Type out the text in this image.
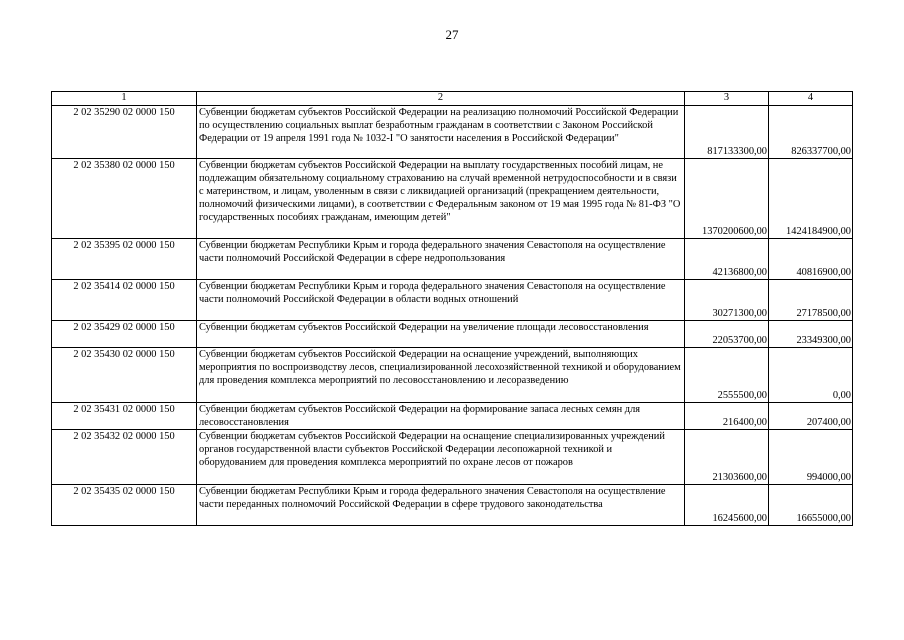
27
1	2	3	4
2 02 35290 02 0000 150	Субвенции бюджетам субъектов Российской Федерации на реализацию полномочий Российской Федерации по осуществлению социальных выплат безработным гражданам в соответствии с Законом Российской Федерации от 19 апреля 1991 года № 1032-I "О занятости населения в Российской Федерации"	817133300,00	826337700,00
2 02 35380 02 0000 150	Субвенции бюджетам субъектов Российской Федерации на выплату государственных пособий лицам, не подлежащим обязательному социальному страхованию на случай временной нетрудоспособности и в связи с материнством, и лицам, уволенным в связи с ликвидацией организаций (прекращением деятельности, полномочий физическими лицами), в соответствии с Федеральным законом от 19 мая 1995 года № 81-ФЗ "О государственных пособиях гражданам, имеющим детей"	1370200600,00	1424184900,00
2 02 35395 02 0000 150	Субвенции бюджетам Республики Крым и города федерального значения Севастополя на осуществление части полномочий Российской Федерации в сфере недропользования	42136800,00	40816900,00
2 02 35414 02 0000 150	Субвенции бюджетам Республики Крым и города федерального значения Севастополя на осуществление части полномочий Российской Федерации в области водных отношений	30271300,00	27178500,00
2 02 35429 02 0000 150	Субвенции бюджетам субъектов Российской Федерации на увеличение площади лесовосстановления	22053700,00	23349300,00
2 02 35430 02 0000 150	Субвенции бюджетам субъектов Российской Федерации на оснащение учреждений, выполняющих мероприятия по воспроизводству лесов, специализированной лесохозяйственной техникой и оборудованием для проведения комплекса мероприятий по лесовосстановлению и лесоразведению	2555500,00	0,00
2 02 35431 02 0000 150	Субвенции бюджетам субъектов Российской Федерации на формирование запаса лесных семян для лесовосстановления	216400,00	207400,00
2 02 35432 02 0000 150	Субвенции бюджетам субъектов Российской Федерации на оснащение специализированных учреждений органов государственной власти субъектов Российской Федерации лесопожарной техникой и оборудованием для проведения комплекса мероприятий по охране лесов от пожаров	21303600,00	994000,00
2 02 35435 02 0000 150	Субвенции бюджетам Республики Крым и города федерального значения Севастополя на осуществление части переданных полномочий Российской Федерации в сфере трудового законодательства	16245600,00	16655000,00
